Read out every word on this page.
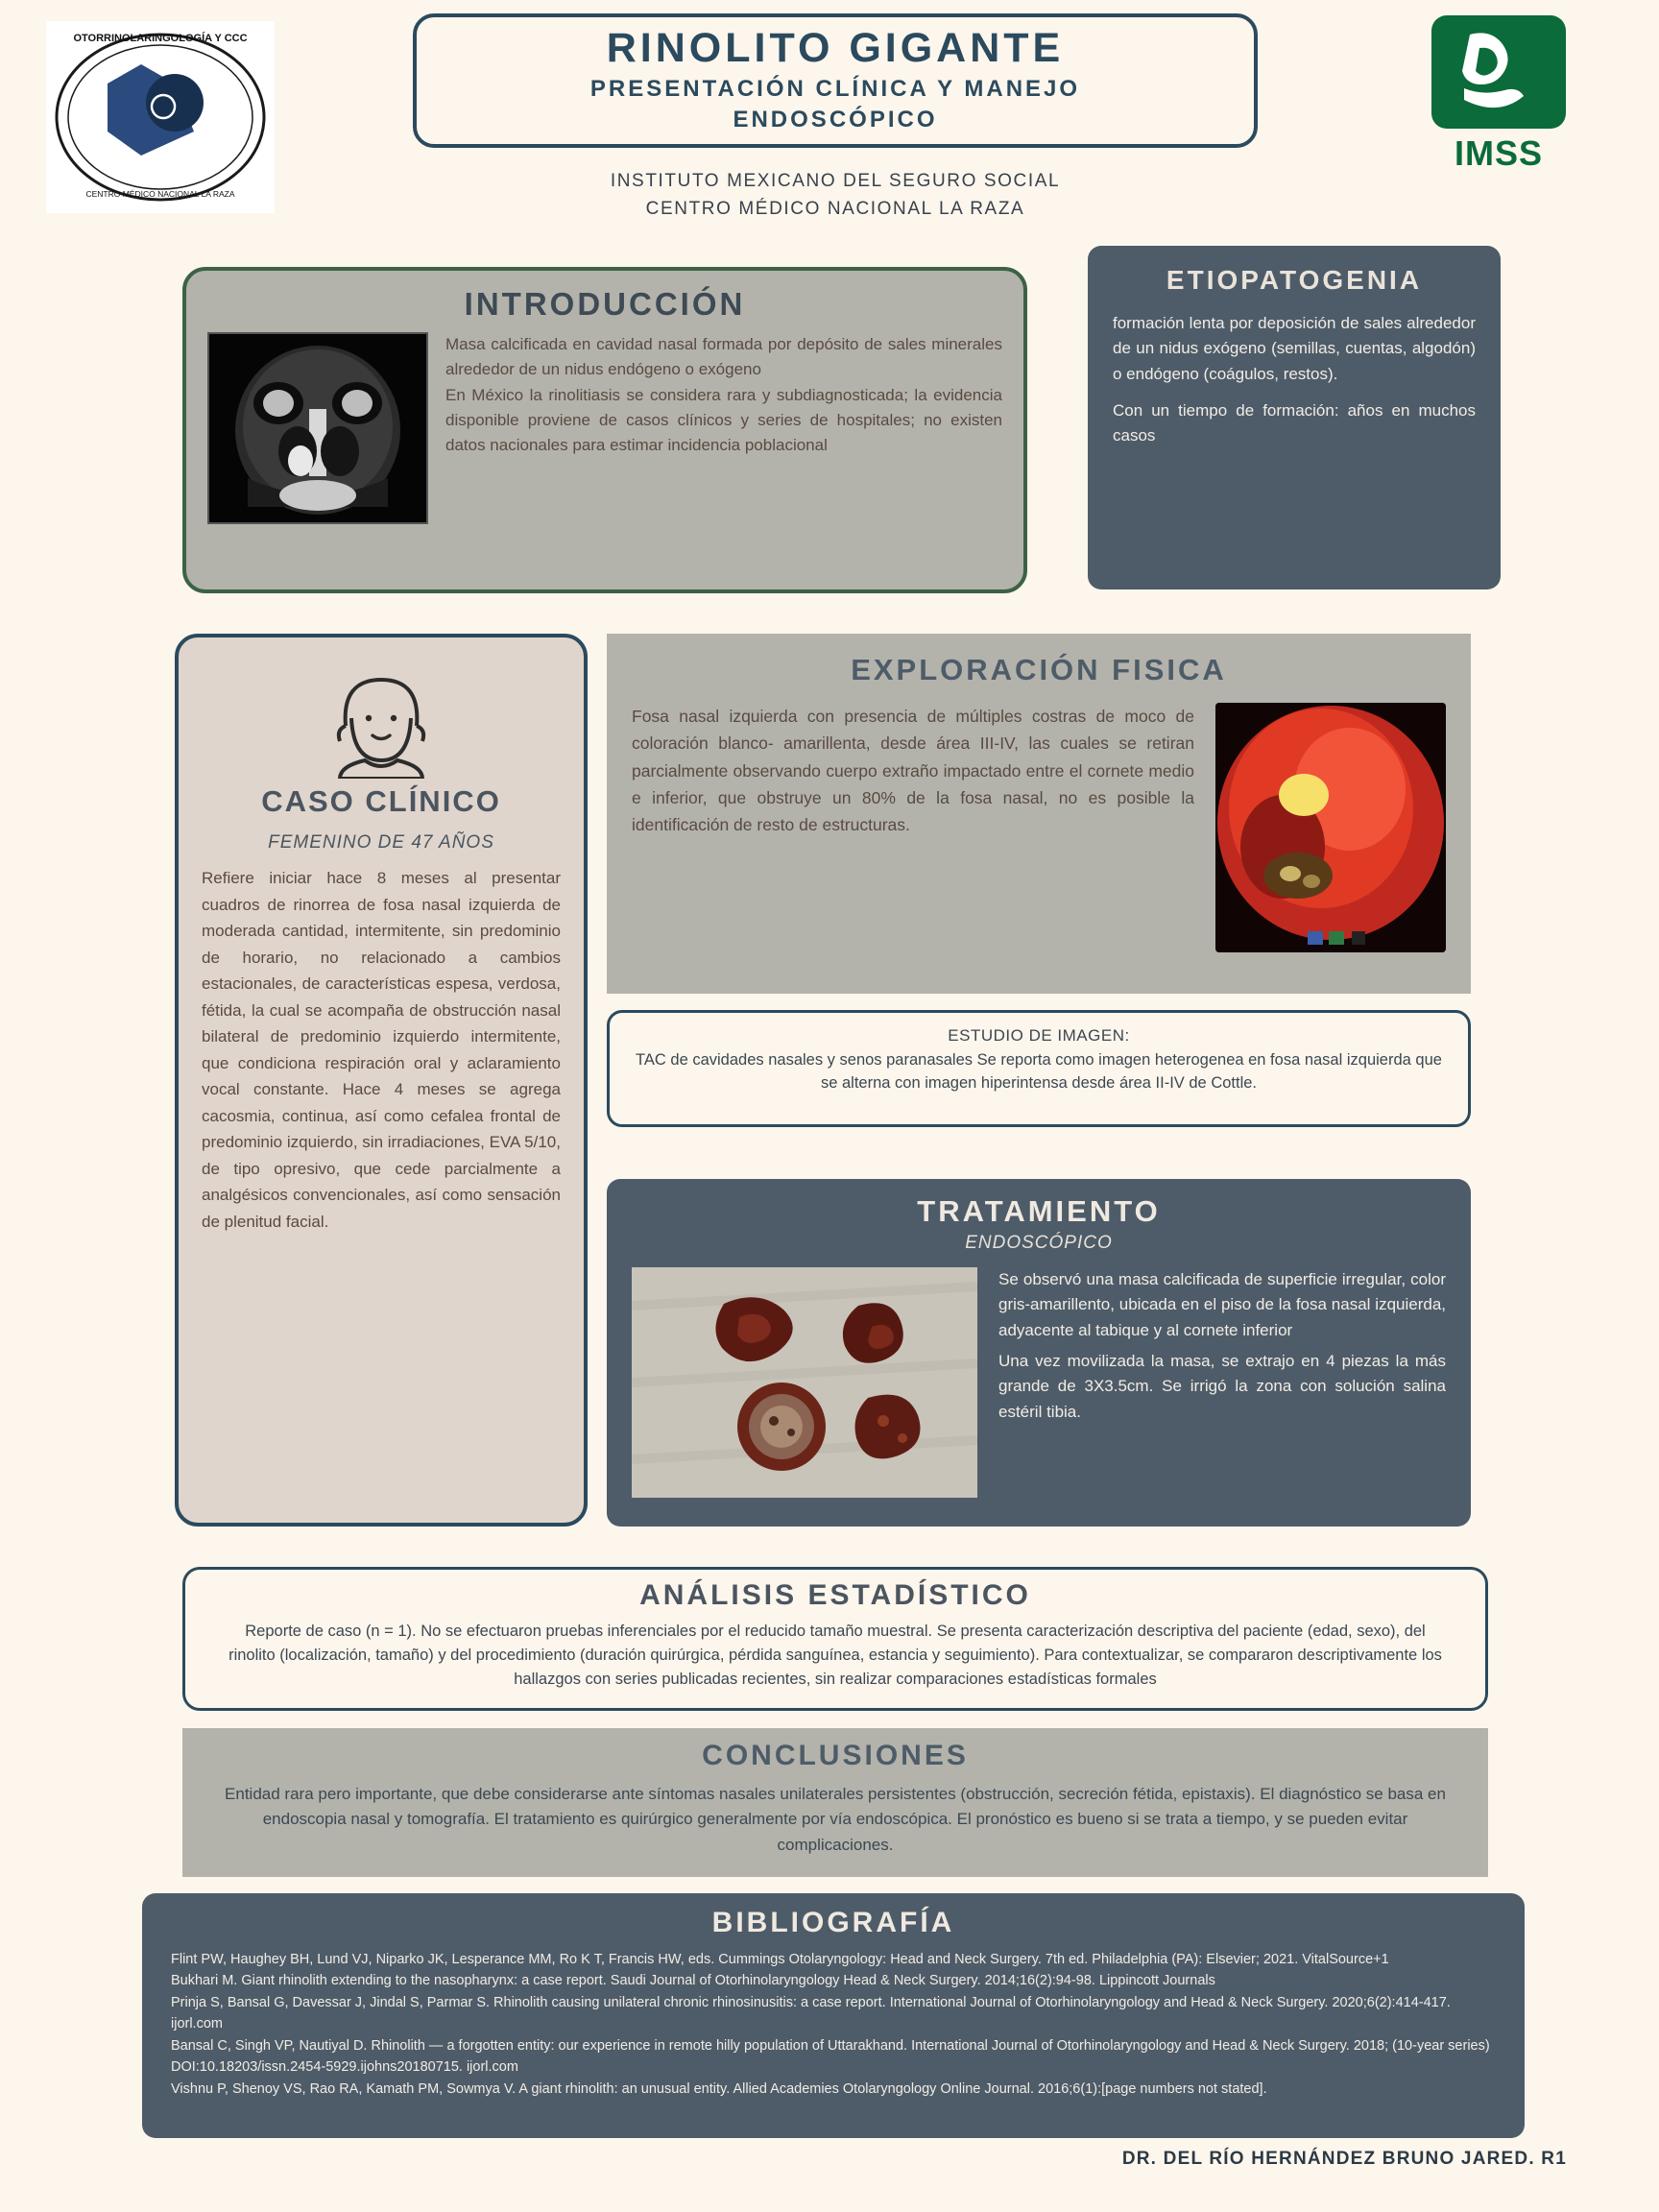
OTORRINOLARINGOLOGÍA Y CCC
CENTRO MÉDICO NACIONAL LA RAZA
RINOLITO GIGANTE
PRESENTACIÓN CLÍNICA Y MANEJO
ENDOSCÓPICO
INSTITUTO MEXICANO DEL SEGURO SOCIAL
CENTRO MÉDICO NACIONAL LA RAZA
IMSS
INTRODUCCIÓN
Masa calcificada en cavidad nasal formada por depósito de sales minerales alrededor de un nidus endógeno o exógeno
En México la rinolitiasis se considera rara y subdiagnosticada; la evidencia disponible proviene de casos clínicos y series de hospitales; no existen datos nacionales para estimar incidencia poblacional
ETIOPATOGENIA

formación lenta por deposición de sales alrededor de un nidus exógeno (semillas, cuentas, algodón) o endógeno (coágulos, restos).

Con un tiempo de formación: años en muchos casos

CASO CLÍNICO
FEMENINO DE 47 AÑOS
Refiere iniciar hace 8 meses al presentar cuadros de rinorrea de fosa nasal izquierda de moderada cantidad, intermitente, sin predominio de horario, no relacionado a cambios estacionales, de características espesa, verdosa, fétida, la cual se acompaña de obstrucción nasal bilateral de predominio izquierdo intermitente, que condiciona respiración oral y aclaramiento vocal constante. Hace 4 meses se agrega cacosmia, continua, así como cefalea frontal de predominio izquierdo, sin irradiaciones, EVA 5/10, de tipo opresivo, que cede parcialmente a analgésicos convencionales, así como sensación de plenitud facial.
EXPLORACIÓN FISICA
Fosa nasal izquierda con presencia de múltiples costras de moco de coloración blanco- amarillenta, desde área III-IV, las cuales se retiran parcialmente observando cuerpo extraño impactado entre el cornete medio e inferior, que obstruye un 80% de la fosa nasal, no es posible la identificación de resto de estructuras.
ESTUDIO DE IMAGEN:
TAC de cavidades nasales y senos paranasales Se reporta como imagen heterogenea en fosa nasal izquierda que se alterna con imagen hiperintensa desde área II-IV de Cottle.
TRATAMIENTO
ENDOSCÓPICO
Se observó una masa calcificada de superficie irregular, color gris-amarillento, ubicada en el piso de la fosa nasal izquierda, adyacente al tabique y al cornete inferior
Una vez movilizada la masa, se extrajo en 4 piezas la más grande de 3X3.5cm. Se irrigó la zona con solución salina estéril tibia.
ANÁLISIS ESTADÍSTICO

Reporte de caso (n = 1). No se efectuaron pruebas inferenciales por el reducido tamaño muestral. Se presenta caracterización descriptiva del paciente (edad, sexo), del rinolito (localización, tamaño) y del procedimiento (duración quirúrgica, pérdida sanguínea, estancia y seguimiento). Para contextualizar, se compararon descriptivamente los hallazgos con series publicadas recientes, sin realizar comparaciones estadísticas formales

CONCLUSIONES

Entidad rara pero importante, que debe considerarse ante síntomas nasales unilaterales persistentes (obstrucción, secreción fétida, epistaxis). El diagnóstico se basa en endoscopia nasal y tomografía. El tratamiento es quirúrgico generalmente por vía endoscópica. El pronóstico es bueno si se trata a tiempo, y se pueden evitar complicaciones.

BIBLIOGRAFÍA
Flint PW, Haughey BH, Lund VJ, Niparko JK, Lesperance MM, Ro K T, Francis HW, eds. Cummings Otolaryngology: Head and Neck Surgery. 7th ed. Philadelphia (PA): Elsevier; 2021. VitalSource+1
Bukhari M. Giant rhinolith extending to the nasopharynx: a case report. Saudi Journal of Otorhinolaryngology Head & Neck Surgery. 2014;16(2):94-98. Lippincott Journals
Prinja S, Bansal G, Davessar J, Jindal S, Parmar S. Rhinolith causing unilateral chronic rhinosinusitis: a case report. International Journal of Otorhinolaryngology and Head & Neck Surgery. 2020;6(2):414-417. ijorl.com
Bansal C, Singh VP, Nautiyal D. Rhinolith — a forgotten entity: our experience in remote hilly population of Uttarakhand. International Journal of Otorhinolaryngology and Head & Neck Surgery. 2018; (10-year series) DOI:10.18203/issn.2454-5929.ijohns20180715. ijorl.com
Vishnu P, Shenoy VS, Rao RA, Kamath PM, Sowmya V. A giant rhinolith: an unusual entity. Allied Academies Otolaryngology Online Journal. 2016;6(1):[page numbers not stated].
DR. DEL RÍO HERNÁNDEZ BRUNO JARED. R1
